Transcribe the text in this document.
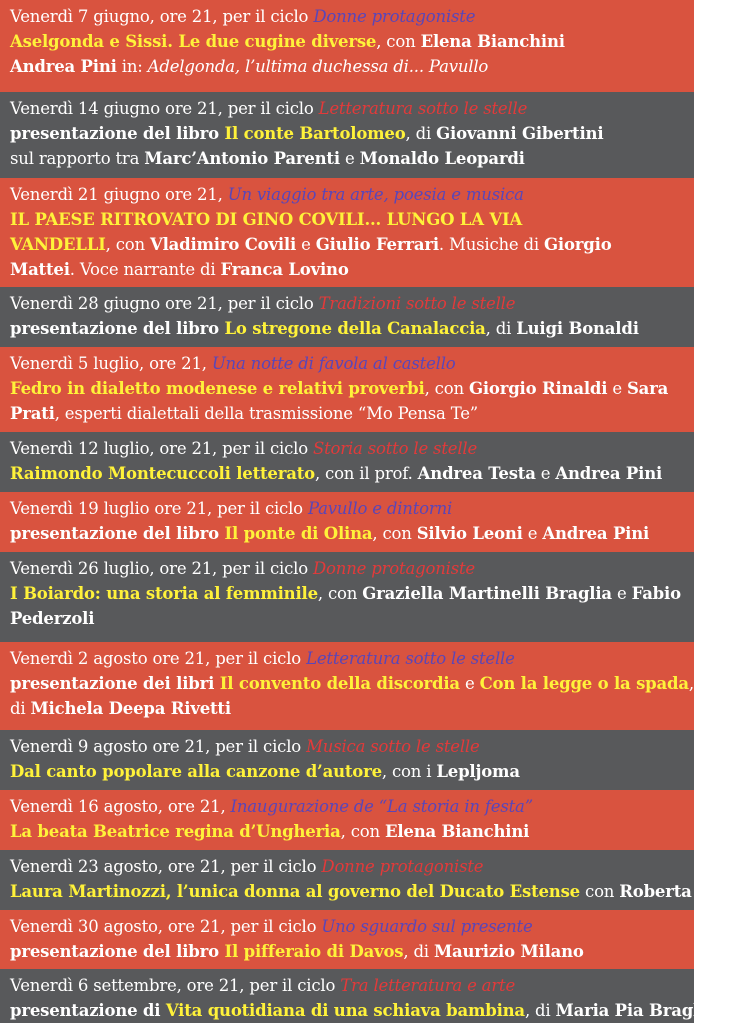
Venerdì 7 giugno, ore 21, per il ciclo Donne protagoniste
Aselgonda e Sissi. Le due cugine diverse, con Elena Bianchini
Andrea Pini in: Adelgonda, l’ultima duchessa di... Pavullo
Venerdì 14 giugno ore 21, per il ciclo Letteratura sotto le stelle
presentazione del libro Il conte Bartolomeo, di Giovanni Gibertini
sul rapporto tra Marc’Antonio Parenti e Monaldo Leopardi
Venerdì 21 giugno ore 21, Un viaggio tra arte, poesia e musica
IL PAESE RITROVATO DI GINO COVILI... LUNGO LA VIA
VANDELLI, con Vladimiro Covili e Giulio Ferrari. Musiche di Giorgio
Mattei. Voce narrante di Franca Lovino
Venerdì 28 giugno ore 21, per il ciclo Tradizioni sotto le stelle
presentazione del libro Lo stregone della Canalaccia, di Luigi Bonaldi
Venerdì 5 luglio, ore 21, Una notte di favola al castello
Fedro in dialetto modenese e relativi proverbi, con Giorgio Rinaldi e Sara
Prati, esperti dialettali della trasmissione “Mo Pensa Te”
Venerdì 12 luglio, ore 21, per il ciclo Storia sotto le stelle
Raimondo Montecuccoli letterato, con il prof. Andrea Testa e Andrea Pini
Venerdì 19 luglio ore 21, per il ciclo Pavullo e dintorni
presentazione del libro Il ponte di Olina, con Silvio Leoni e Andrea Pini
Venerdì 26 luglio, ore 21, per il ciclo Donne protagoniste
I Boiardo: una storia al femminile, con Graziella Martinelli Braglia e Fabio
Pederzoli
Venerdì 2 agosto ore 21, per il ciclo Letteratura sotto le stelle
presentazione dei libri Il convento della discordia e Con la legge o la spada,
di Michela Deepa Rivetti
Venerdì 9 agosto ore 21, per il ciclo Musica sotto le stelle
Dal canto popolare alla canzone d’autore, con i Lepljoma
Venerdì 16 agosto, ore 21, Inaugurazione de “La storia in festa”
La beata Beatrice regina d’Ungheria, con Elena Bianchini
Venerdì 23 agosto, ore 21, per il ciclo Donne protagoniste
Laura Martinozzi, l’unica donna al governo del Ducato Estense con Roberta Iotti
Venerdì 30 agosto, ore 21, per il ciclo Uno sguardo sul presente
presentazione del libro Il pifferaio di Davos, di Maurizio Milano
Venerdì 6 settembre, ore 21, per il ciclo Tra letteratura e arte
presentazione di Vita quotidiana di una schiava bambina, di Maria Pia Braglia
